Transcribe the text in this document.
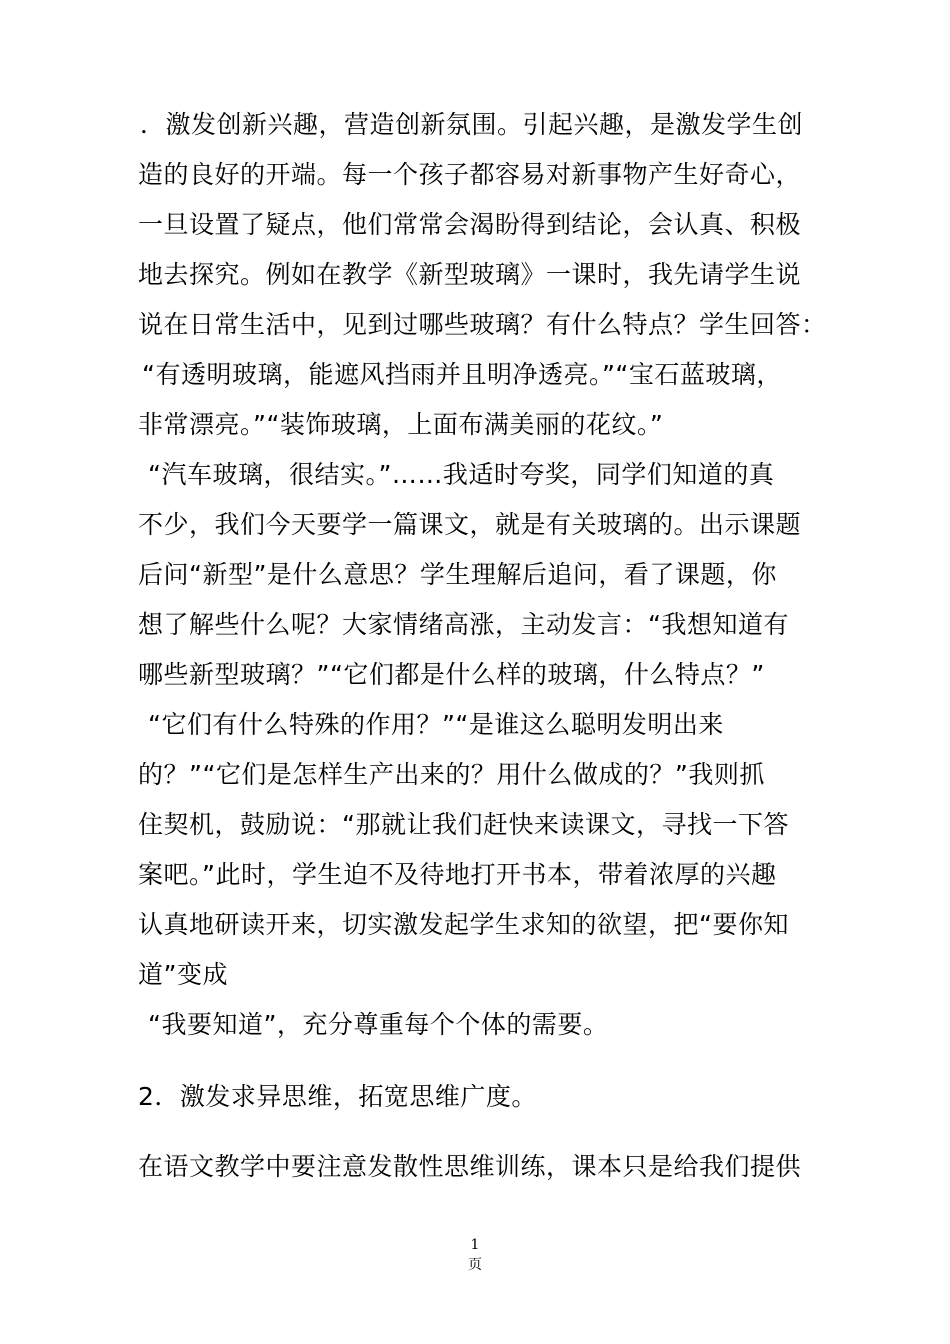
．激发创新兴趣，营造创新氛围。引起兴趣，是激发学生创
造的良好的开端。每一个孩子都容易对新事物产生好奇心，
一旦设置了疑点，他们常常会渴盼得到结论，会认真、积极
地去探究。例如在教学《新型玻璃》一课时，我先请学生说
说在日常生活中，见到过哪些玻璃？有什么特点？学生回答：
“有透明玻璃，能遮风挡雨并且明净透亮。”“宝石蓝玻璃，
非常漂亮。”“装饰玻璃，上面布满美丽的花纹。”
“汽车玻璃，很结实。”……我适时夸奖，同学们知道的真
不少，我们今天要学一篇课文，就是有关玻璃的。出示课题
后问“新型”是什么意思？学生理解后追问，看了课题，你
想了解些什么呢？大家情绪高涨，主动发言：“我想知道有
哪些新型玻璃？”“它们都是什么样的玻璃，什么特点？”
“它们有什么特殊的作用？”“是谁这么聪明发明出来
的？”“它们是怎样生产出来的？用什么做成的？”我则抓
住契机，鼓励说：“那就让我们赶快来读课文，寻找一下答
案吧。”此时，学生迫不及待地打开书本，带着浓厚的兴趣
认真地研读开来，切实激发起学生求知的欲望，把“要你知
道”变成
“我要知道”，充分尊重每个个体的需要。
2．激发求异思维，拓宽思维广度。
在语文教学中要注意发散性思维训练，课本只是给我们提供
1
页
